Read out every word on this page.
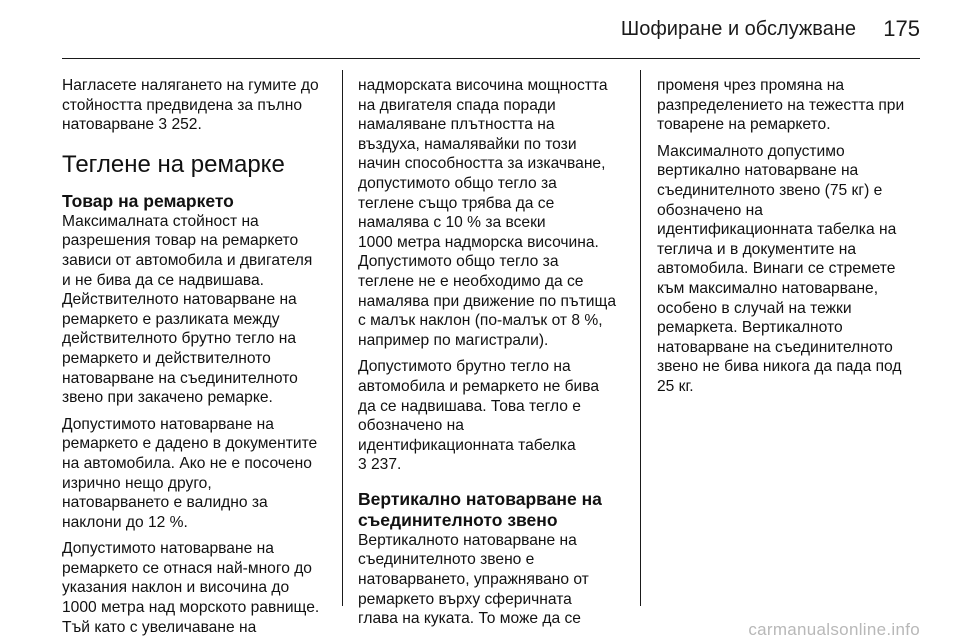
Шофиране и обслужване 175

Нагласете налягането на гумите до
стойността предвидена за пълно
натоварване 3 252.

Теглене на ремарке
Товар на ремаркето

Максималната стойност на
разрешения товар на ремаркето
зависи от автомобила и двигателя
и не бива да се надвишава.
Действителното натоварване на
ремаркето е разликата между
действителното брутно тегло на
ремаркето и действителното
натоварване на съединителното
звено при закачено ремарке.

Допустимото натоварване на
ремаркето е дадено в документите
на автомобила. Ако не е посочено
изрично нещо друго,
натоварването е валидно за
наклони до 12 %.

Допустимото натоварване на
ремаркето се отнася най-много до
указания наклон и височина до
1000 метра над морското равнище.
Тъй като с увеличаване на

надморската височина мощността
на двигателя спада поради
намаляване плътността на
въздуха, намалявайки по този
начин способността за изкачване,
допустимото общо тегло за
теглене също трябва да се
намалява с 10 % за всеки
1000 метра надморска височина.
Допустимото общо тегло за
теглене не е необходимо да се
намалява при движение по пътища
с малък наклон (по-малък от 8 %,
например по магистрали).

Допустимото брутно тегло на
автомобила и ремаркето не бива
да се надвишава. Това тегло е
обозначено на
идентификационната табелка
3 237.

Вертикално натоварване на
съединителното звено

Вертикалното натоварване на
съединителното звено е
натоварването, упражнявано от
ремаркето върху сферичната
глава на куката. То може да се

променя чрез промяна на
разпределението на тежестта при
товарене на ремаркето.

Максималното допустимо
вертикално натоварване на
съединителното звено (75 кг) е
обозначено на
идентификационната табелка на
теглича и в документите на
автомобила. Винаги се стремете
към максимално натоварване,
особено в случай на тежки
ремаркета. Вертикалното
натоварване на съединителното
звено не бива никога да пада под
25 кг.

carmanualsonline.info
